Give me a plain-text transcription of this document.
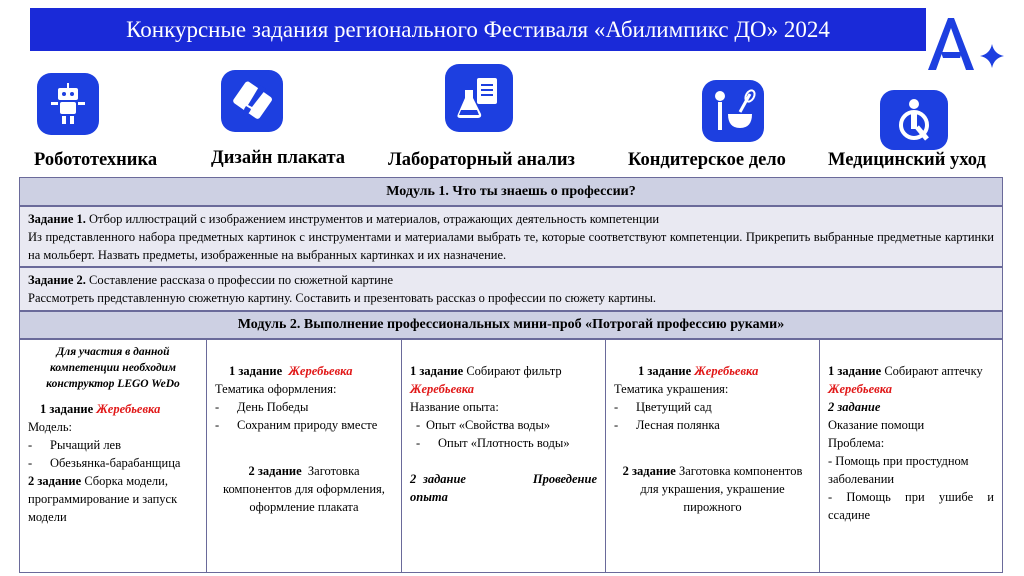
Конкурсные задания регионального Фестиваля «Абилимпикс ДО» 2024
Робототехника	Дизайн плаката Лабораторный анализ	Кондитерское дело Медицинский уход
Модуль 1. Что ты знаешь о профессии?

Задание 1. Отбор иллюстраций с изображением инструментов и материалов, отражающих деятельность компетенции

Из представленного набора предметных картинок с инструментами и материалами выбрать те, которые соответствуют компетенции. Прикрепить выбранные предметные картинки на мольберт. Назвать предметы, изображенные на выбранных картинках и их назначение.

Задание 2. Составление рассказа о профессии по сюжетной картине

Рассмотреть представленную сюжетную картину. Составить и презентовать рассказ о профессии по сюжету картины.

Модуль 2. Выполнение профессиональных мини-проб «Потрогай профессию руками»

Для участия в данной компетенции необходим конструктор LEGO WeDo

1 задание Жеребьевка

Модель:

-	Рычащий лев
-	Обезьянка-барабанщица

2 задание Сборка модели, программирование и запуск модели

1 задание Жеребьевка

Тематика оформления:

-	День Победы
-	Сохраним природу вместе

2 задание Заготовка компонентов для оформления, оформление плаката

1 задание Собирают фильтр

Жеребьевка

Название опыта:

- Опыт «Свойства воды»
-	Опыт «Плотность воды»

2 задание	Проведение опыта

1 задание Жеребьевка

Тематика украшения:

-	Цветущий сад
-	Лесная полянка

2 задание Заготовка компонентов для украшения, украшение пирожного

1 задание Собирают аптечку

Жеребьевка

2 задание

Оказание помощи

Проблема:

- Помощь при простудном заболевании

- Помощь при ушибе и ссадине
